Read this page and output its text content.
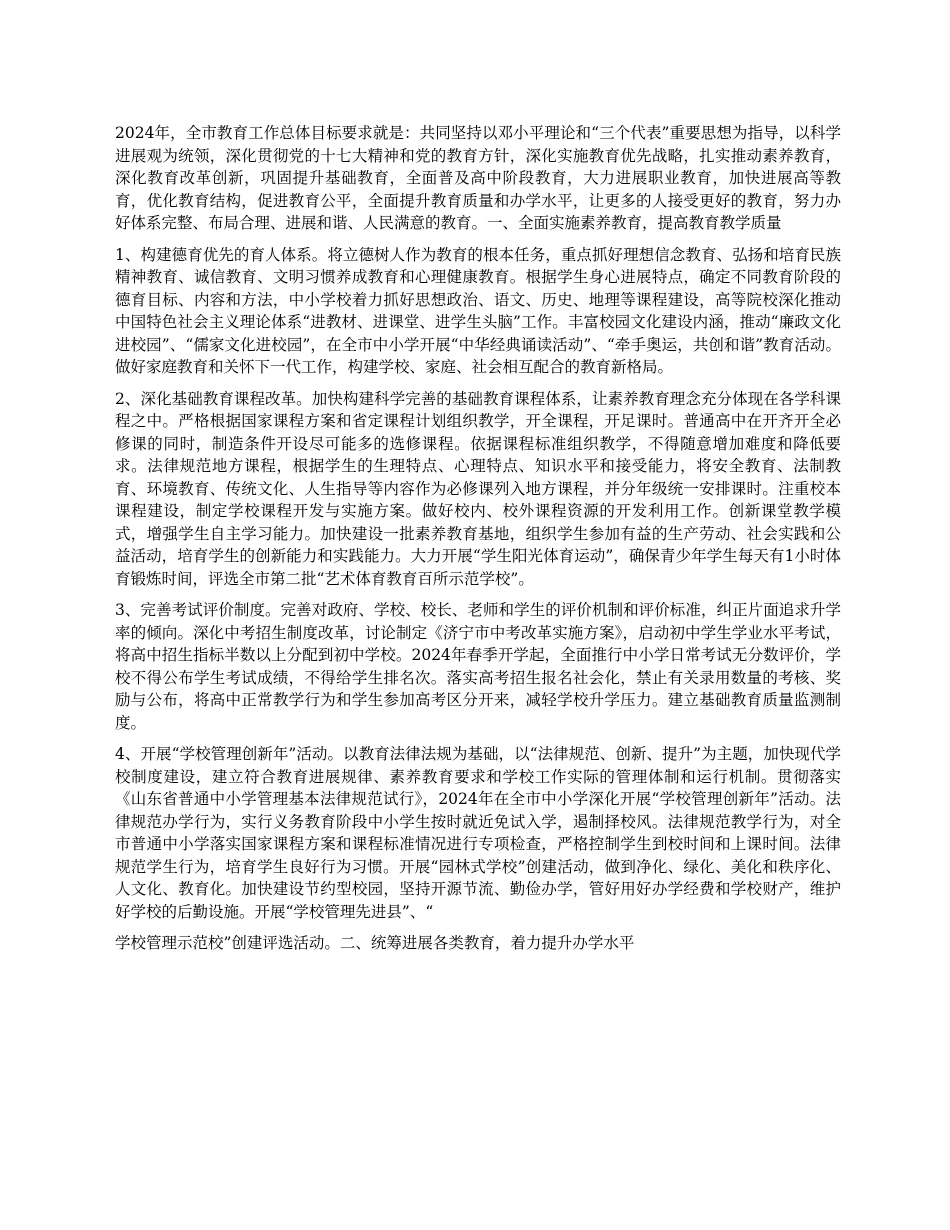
2024年，全市教育工作总体目标要求就是：共同坚持以邓小平理论和“三个代表”重要思想为指导，以科学进展观为统领，深化贯彻党的十七大精神和党的教育方针，深化实施教育优先战略，扎实推动素养教育，深化教育改革创新，巩固提升基础教育，全面普及高中阶段教育，大力进展职业教育，加快进展高等教育，优化教育结构，促进教育公平，全面提升教育质量和办学水平，让更多的人接受更好的教育，努力办好体系完整、布局合理、进展和谐、人民满意的教育。一、全面实施素养教育，提高教育教学质量

1、构建德育优先的育人体系。将立德树人作为教育的根本任务，重点抓好理想信念教育、弘扬和培育民族精神教育、诚信教育、文明习惯养成教育和心理健康教育。根据学生身心进展特点，确定不同教育阶段的德育目标、内容和方法，中小学校着力抓好思想政治、语文、历史、地理等课程建设，高等院校深化推动中国特色社会主义理论体系“进教材、进课堂、进学生头脑”工作。丰富校园文化建设内涵，推动“廉政文化进校园”、“儒家文化进校园”，在全市中小学开展“中华经典诵读活动”、“牵手奥运，共创和谐”教育活动。做好家庭教育和关怀下一代工作，构建学校、家庭、社会相互配合的教育新格局。

2、深化基础教育课程改革。加快构建科学完善的基础教育课程体系，让素养教育理念充分体现在各学科课程之中。严格根据国家课程方案和省定课程计划组织教学，开全课程，开足课时。普通高中在开齐开全必修课的同时，制造条件开设尽可能多的选修课程。依据课程标准组织教学，不得随意增加难度和降低要求。法律规范地方课程，根据学生的生理特点、心理特点、知识水平和接受能力，将安全教育、法制教育、环境教育、传统文化、人生指导等内容作为必修课列入地方课程，并分年级统一安排课时。注重校本课程建设，制定学校课程开发与实施方案。做好校内、校外课程资源的开发利用工作。创新课堂教学模式，增强学生自主学习能力。加快建设一批素养教育基地，组织学生参加有益的生产劳动、社会实践和公益活动，培育学生的创新能力和实践能力。大力开展“学生阳光体育运动”，确保青少年学生每天有1小时体育锻炼时间，评选全市第二批“艺术体育教育百所示范学校”。

3、完善考试评价制度。完善对政府、学校、校长、老师和学生的评价机制和评价标准，纠正片面追求升学率的倾向。深化中考招生制度改革，讨论制定《济宁市中考改革实施方案》，启动初中学生学业水平考试，将高中招生指标半数以上分配到初中学校。2024年春季开学起，全面推行中小学日常考试无分数评价，学校不得公布学生考试成绩，不得给学生排名次。落实高考招生报名社会化，禁止有关录用数量的考核、奖励与公布，将高中正常教学行为和学生参加高考区分开来，减轻学校升学压力。建立基础教育质量监测制度。

4、开展“学校管理创新年”活动。以教育法律法规为基础，以“法律规范、创新、提升”为主题，加快现代学校制度建设，建立符合教育进展规律、素养教育要求和学校工作实际的管理体制和运行机制。贯彻落实《山东省普通中小学管理基本法律规范试行》，2024年在全市中小学深化开展“学校管理创新年”活动。法律规范办学行为，实行义务教育阶段中小学生按时就近免试入学，遏制择校风。法律规范教学行为，对全市普通中小学落实国家课程方案和课程标准情况进行专项检查，严格控制学生到校时间和上课时间。法律规范学生行为，培育学生良好行为习惯。开展“园林式学校”创建活动，做到净化、绿化、美化和秩序化、人文化、教育化。加快建设节约型校园，坚持开源节流、勤俭办学，管好用好办学经费和学校财产，维护好学校的后勤设施。开展“学校管理先进县”、“

学校管理示范校”创建评选活动。二、统筹进展各类教育，着力提升办学水平
